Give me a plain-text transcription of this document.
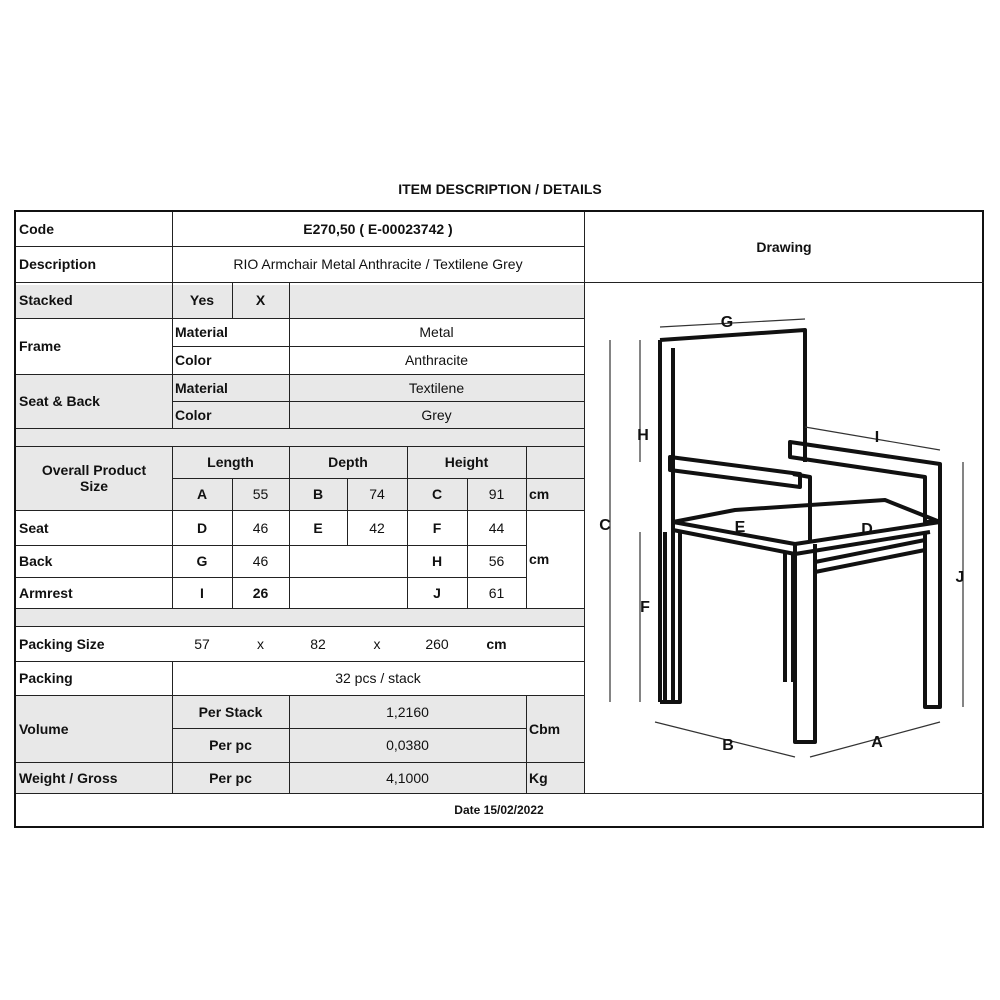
ITEM DESCRIPTION / DETAILS
Code	E270,50 ( E-00023742 )
Drawing
Description	RIO Armchair Metal Anthracite / Textilene Grey
Stacked	Yes	X
Frame
Material	Metal
Color	Anthracite
Seat & Back
Material	Textilene
Color	Grey
Overall Product Size
Length	Depth	Height
A	55	B	74	C	91	cm
Seat	D	46	E	42	F	44
cm
Back	G	46	H	56
Armrest	I	26	J	61
Packing Size	57	x	82	x	260	cm
Packing	32 pcs / stack
Volume
Per Stack	1,2160
Per pc	0,0380
Cbm
Weight / Gross	Per pc	4,1000	Kg
Date 15/02/2022
G
H	I
C	E	D
J
F
B	A
